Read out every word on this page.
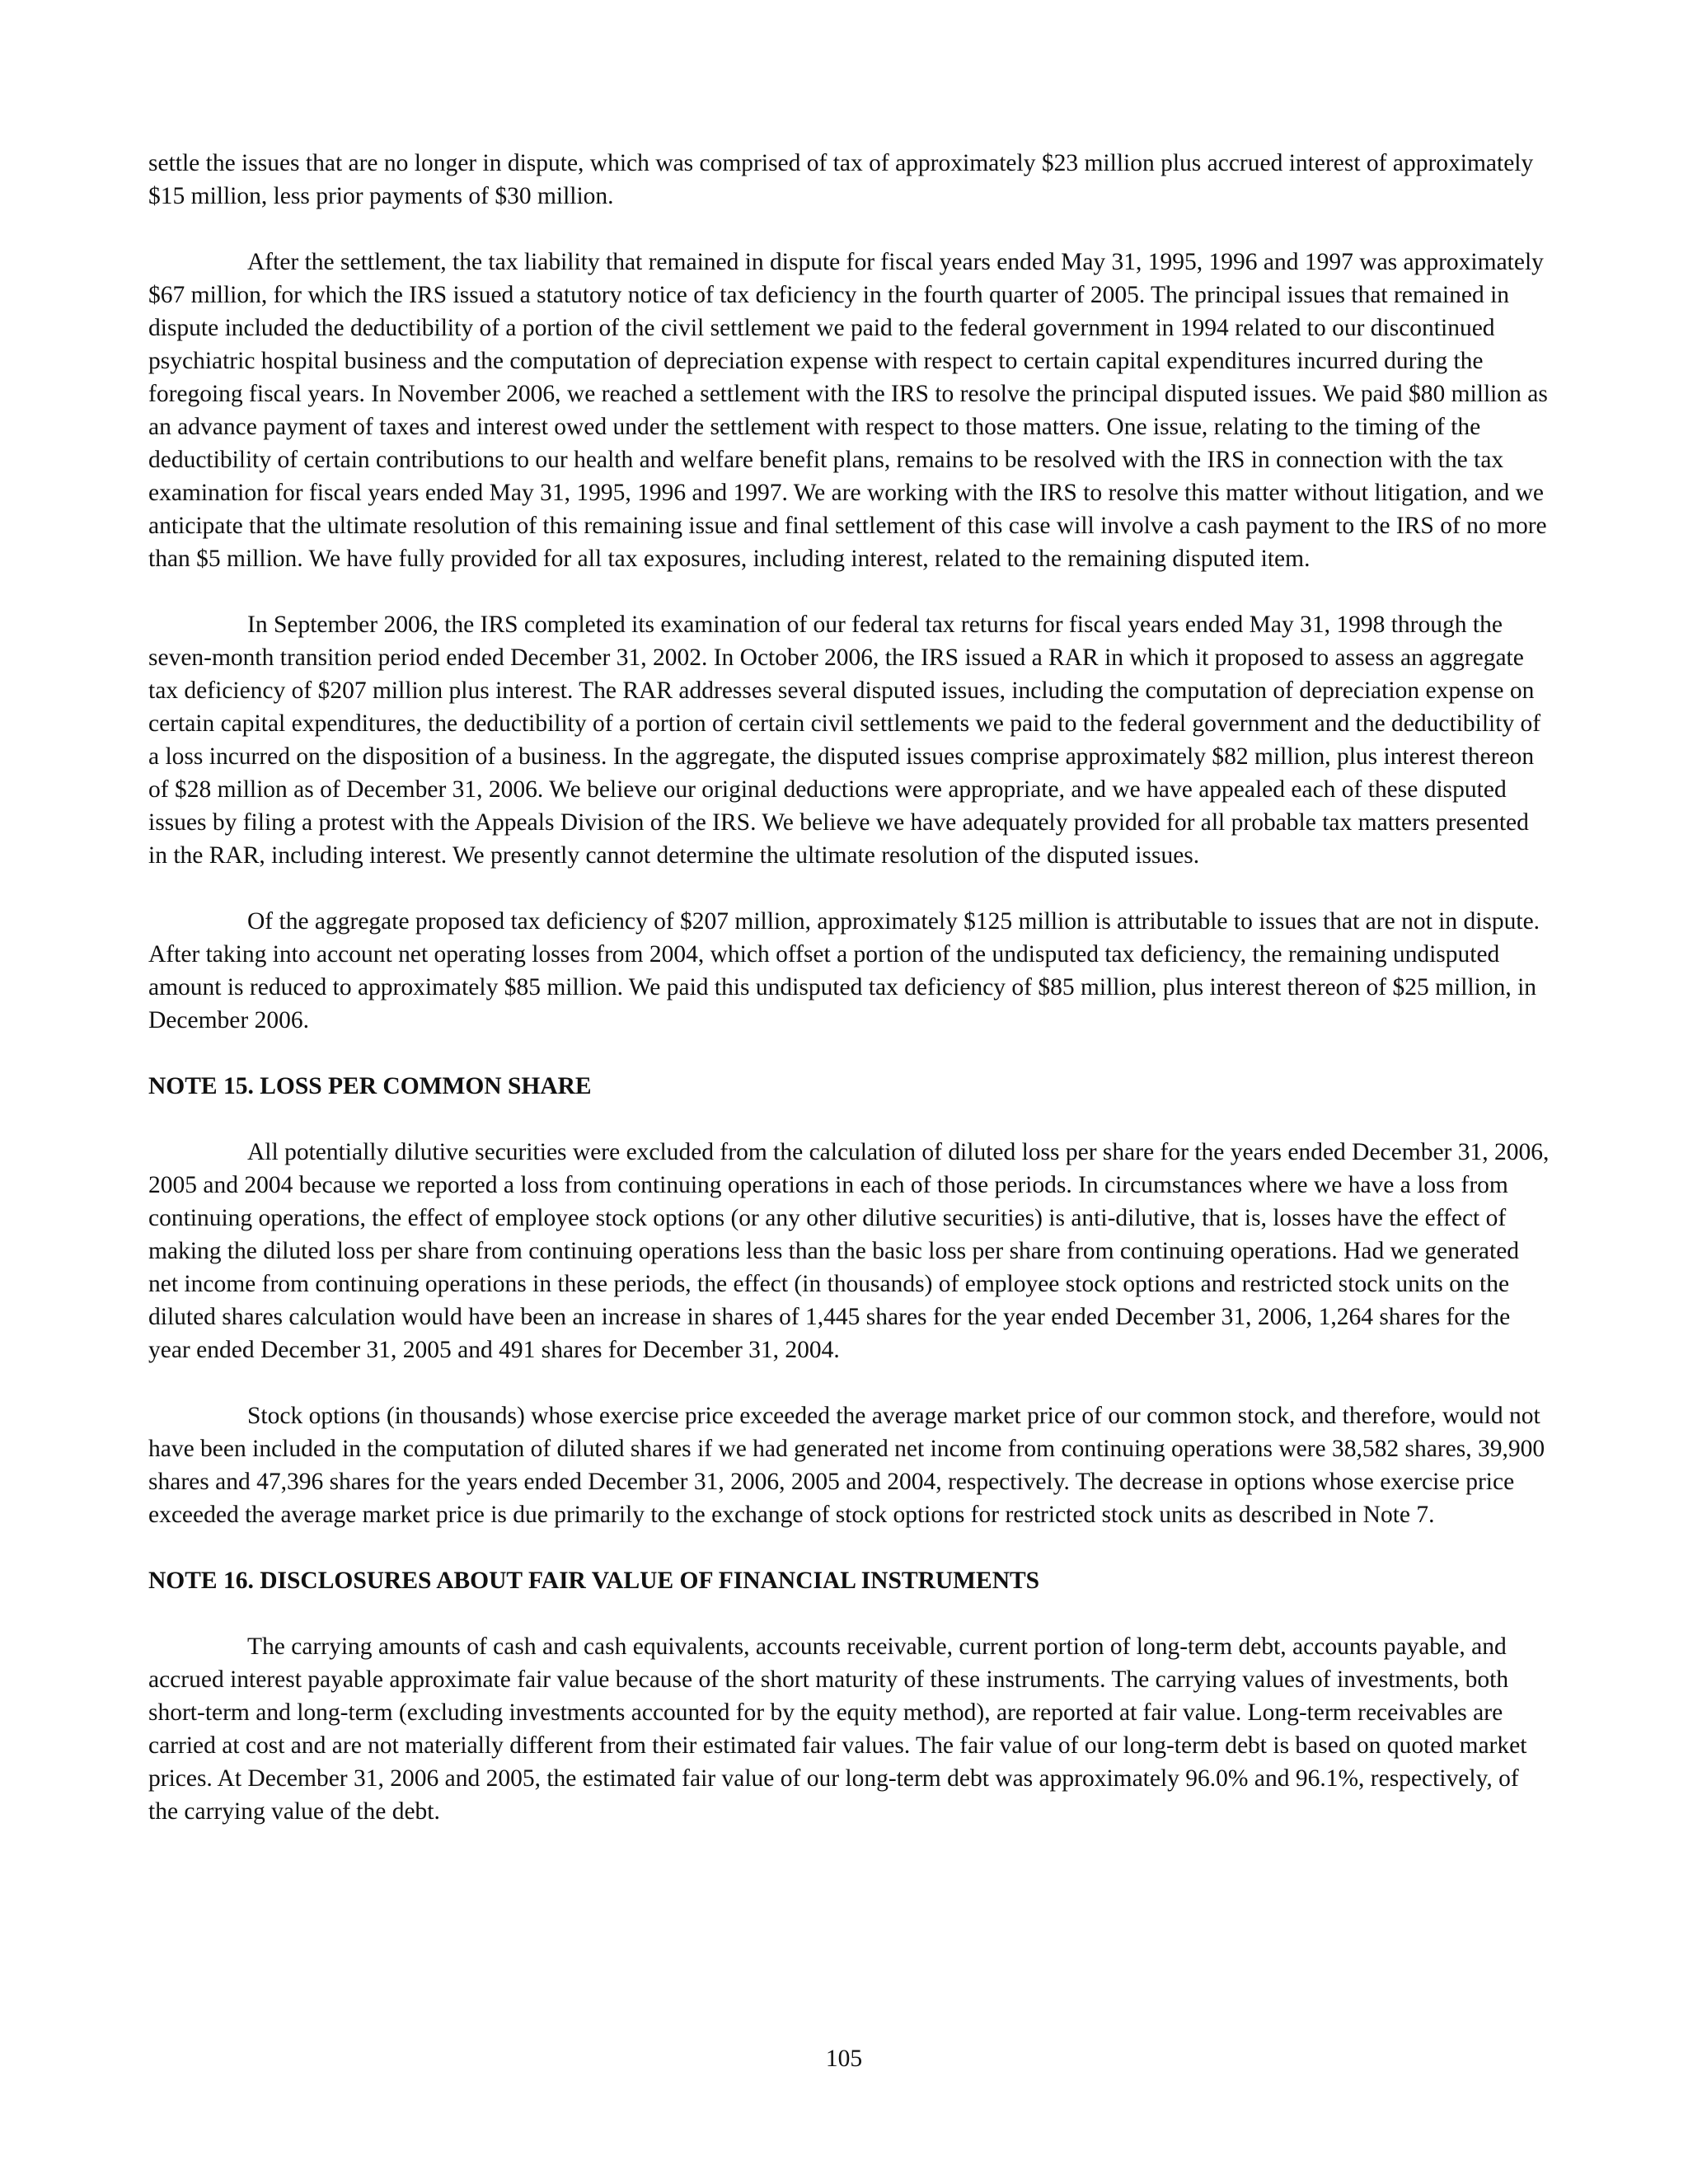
settle the issues that are no longer in dispute, which was comprised of tax of approximately $23 million plus accrued interest of approximately $15 million, less prior payments of $30 million.

After the settlement, the tax liability that remained in dispute for fiscal years ended May 31, 1995, 1996 and 1997 was approximately $67 million, for which the IRS issued a statutory notice of tax deficiency in the fourth quarter of 2005. The principal issues that remained in dispute included the deductibility of a portion of the civil settlement we paid to the federal government in 1994 related to our discontinued psychiatric hospital business and the computation of depreciation expense with respect to certain capital expenditures incurred during the foregoing fiscal years. In November 2006, we reached a settlement with the IRS to resolve the principal disputed issues. We paid $80 million as an advance payment of taxes and interest owed under the settlement with respect to those matters. One issue, relating to the timing of the deductibility of certain contributions to our health and welfare benefit plans, remains to be resolved with the IRS in connection with the tax examination for fiscal years ended May 31, 1995, 1996 and 1997. We are working with the IRS to resolve this matter without litigation, and we anticipate that the ultimate resolution of this remaining issue and final settlement of this case will involve a cash payment to the IRS of no more than $5 million. We have fully provided for all tax exposures, including interest, related to the remaining disputed item.

In September 2006, the IRS completed its examination of our federal tax returns for fiscal years ended May 31, 1998 through the seven-month transition period ended December 31, 2002. In October 2006, the IRS issued a RAR in which it proposed to assess an aggregate tax deficiency of $207 million plus interest. The RAR addresses several disputed issues, including the computation of depreciation expense on certain capital expenditures, the deductibility of a portion of certain civil settlements we paid to the federal government and the deductibility of a loss incurred on the disposition of a business. In the aggregate, the disputed issues comprise approximately $82 million, plus interest thereon of $28 million as of December 31, 2006. We believe our original deductions were appropriate, and we have appealed each of these disputed issues by filing a protest with the Appeals Division of the IRS. We believe we have adequately provided for all probable tax matters presented in the RAR, including interest. We presently cannot determine the ultimate resolution of the disputed issues.

Of the aggregate proposed tax deficiency of $207 million, approximately $125 million is attributable to issues that are not in dispute. After taking into account net operating losses from 2004, which offset a portion of the undisputed tax deficiency, the remaining undisputed amount is reduced to approximately $85 million. We paid this undisputed tax deficiency of $85 million, plus interest thereon of $25 million, in December 2006.

NOTE 15. LOSS PER COMMON SHARE

All potentially dilutive securities were excluded from the calculation of diluted loss per share for the years ended December 31, 2006, 2005 and 2004 because we reported a loss from continuing operations in each of those periods. In circumstances where we have a loss from continuing operations, the effect of employee stock options (or any other dilutive securities) is anti-dilutive, that is, losses have the effect of making the diluted loss per share from continuing operations less than the basic loss per share from continuing operations. Had we generated net income from continuing operations in these periods, the effect (in thousands) of employee stock options and restricted stock units on the diluted shares calculation would have been an increase in shares of 1,445 shares for the year ended December 31, 2006, 1,264 shares for the year ended December 31, 2005 and 491 shares for December 31, 2004.

Stock options (in thousands) whose exercise price exceeded the average market price of our common stock, and therefore, would not have been included in the computation of diluted shares if we had generated net income from continuing operations were 38,582 shares, 39,900 shares and 47,396 shares for the years ended December 31, 2006, 2005 and 2004, respectively. The decrease in options whose exercise price exceeded the average market price is due primarily to the exchange of stock options for restricted stock units as described in Note 7.

NOTE 16. DISCLOSURES ABOUT FAIR VALUE OF FINANCIAL INSTRUMENTS

The carrying amounts of cash and cash equivalents, accounts receivable, current portion of long-term debt, accounts payable, and accrued interest payable approximate fair value because of the short maturity of these instruments. The carrying values of investments, both short-term and long-term (excluding investments accounted for by the equity method), are reported at fair value. Long-term receivables are carried at cost and are not materially different from their estimated fair values. The fair value of our long-term debt is based on quoted market prices. At December 31, 2006 and 2005, the estimated fair value of our long-term debt was approximately 96.0% and 96.1%, respectively, of the carrying value of the debt.

105
